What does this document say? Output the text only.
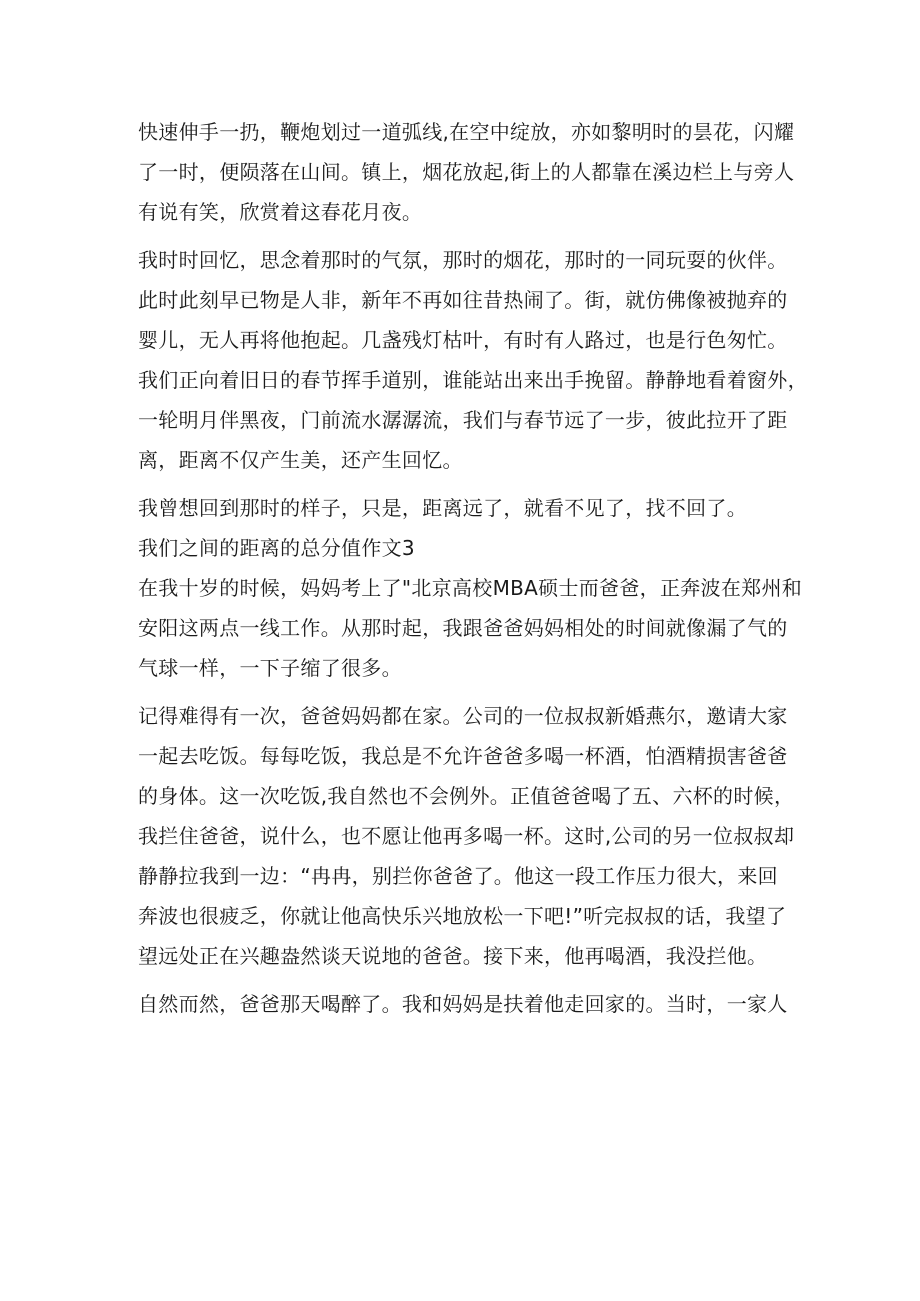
快速伸手一扔，鞭炮划过一道弧线,在空中绽放，亦如黎明时的昙花，闪耀
了一时，便陨落在山间。镇上，烟花放起,街上的人都靠在溪边栏上与旁人
有说有笑，欣赏着这春花月夜。
我时时回忆，思念着那时的气氛，那时的烟花，那时的一同玩耍的伙伴。
此时此刻早已物是人非，新年不再如往昔热闹了。街，就仿佛像被抛弃的
婴儿，无人再将他抱起。几盏残灯枯叶，有时有人路过，也是行色匆忙。
我们正向着旧日的春节挥手道别，谁能站出来出手挽留。静静地看着窗外，
一轮明月伴黑夜，门前流水潺潺流，我们与春节远了一步，彼此拉开了距
离，距离不仅产生美，还产生回忆。
我曾想回到那时的样子，只是，距离远了，就看不见了，找不回了。
我们之间的距离的总分值作文3
在我十岁的时候，妈妈考上了"北京高校MBA硕士而爸爸，正奔波在郑州和
安阳这两点一线工作。从那时起，我跟爸爸妈妈相处的时间就像漏了气的
气球一样，一下子缩了很多。
记得难得有一次，爸爸妈妈都在家。公司的一位叔叔新婚燕尔，邀请大家
一起去吃饭。每每吃饭，我总是不允许爸爸多喝一杯酒，怕酒精损害爸爸
的身体。这一次吃饭,我自然也不会例外。正值爸爸喝了五、六杯的时候，
我拦住爸爸，说什么，也不愿让他再多喝一杯。这时,公司的另一位叔叔却
静静拉我到一边：“冉冉，别拦你爸爸了。他这一段工作压力很大，来回
奔波也很疲乏，你就让他高快乐兴地放松一下吧!”听完叔叔的话，我望了
望远处正在兴趣盎然谈天说地的爸爸。接下来，他再喝酒，我没拦他。
自然而然，爸爸那天喝醉了。我和妈妈是扶着他走回家的。当时，一家人
